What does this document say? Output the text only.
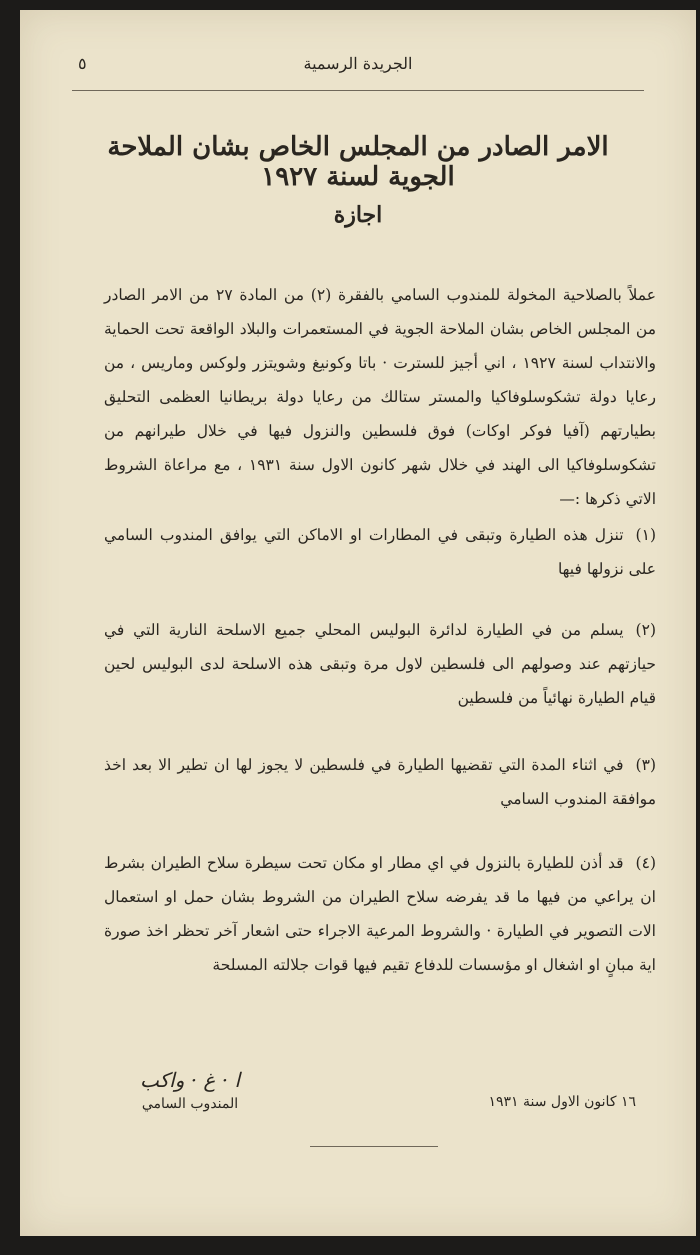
٥	الجريدة الرسمية
الامر الصادر من المجلس الخاص بشان الملاحة الجوية لسنة ١٩٢٧
اجازة
عملاً بالصلاحية المخولة للمندوب السامي بالفقرة (٢) من المادة ٢٧ من الامر الصادر من المجلس الخاص بشان الملاحة الجوية في المستعمرات والبلاد الواقعة تحت الحماية والانتداب لسنة ١٩٢٧ ، اني أجيز للسترت · باتا وكونيغ وشويتزر ولوكس وماريس ، من رعايا دولة تشكوسلوفاكيا والمستر ستالك من رعايا دولة بريطانيا العظمى التحليق بطيارتهم (آفيا فوكر اوكات) فوق فلسطين والنزول فيها في خلال طيرانهم من تشكوسلوفاكيا الى الهند في خلال شهر كانون الاول سنة ١٩٣١ ، مع مراعاة الشروط الاتي ذكرها :—
(١)تنزل هذه الطيارة وتبقى في المطارات او الاماكن التي يوافق المندوب السامي على نزولها فيها
(٢)يسلم من في الطيارة لدائرة البوليس المحلي جميع الاسلحة النارية التي في حيازتهم عند وصولهم الى فلسطين لاول مرة وتبقى هذه الاسلحة لدى البوليس لحين قيام الطيارة نهائياً من فلسطين
(٣)في اثناء المدة التي تقضيها الطيارة في فلسطين لا يجوز لها ان تطير الا بعد اخذ موافقة المندوب السامي
(٤)قد أذن للطيارة بالنزول في اي مطار او مكان تحت سيطرة سلاح الطيران بشرط ان يراعي من فيها ما قد يفرضه سلاح الطيران من الشروط بشان حمل او استعمال الات التصوير في الطيارة · والشروط المرعية الاجراء حتى اشعار آخر تحظر اخذ صورة اية مبانٍ او اشغال او مؤسسات للدفاع تقيم فيها قوات جلالته المسلحة
ا · غ · واكب
المندوب السامي	١٦ كانون الاول سنة ١٩٣١
